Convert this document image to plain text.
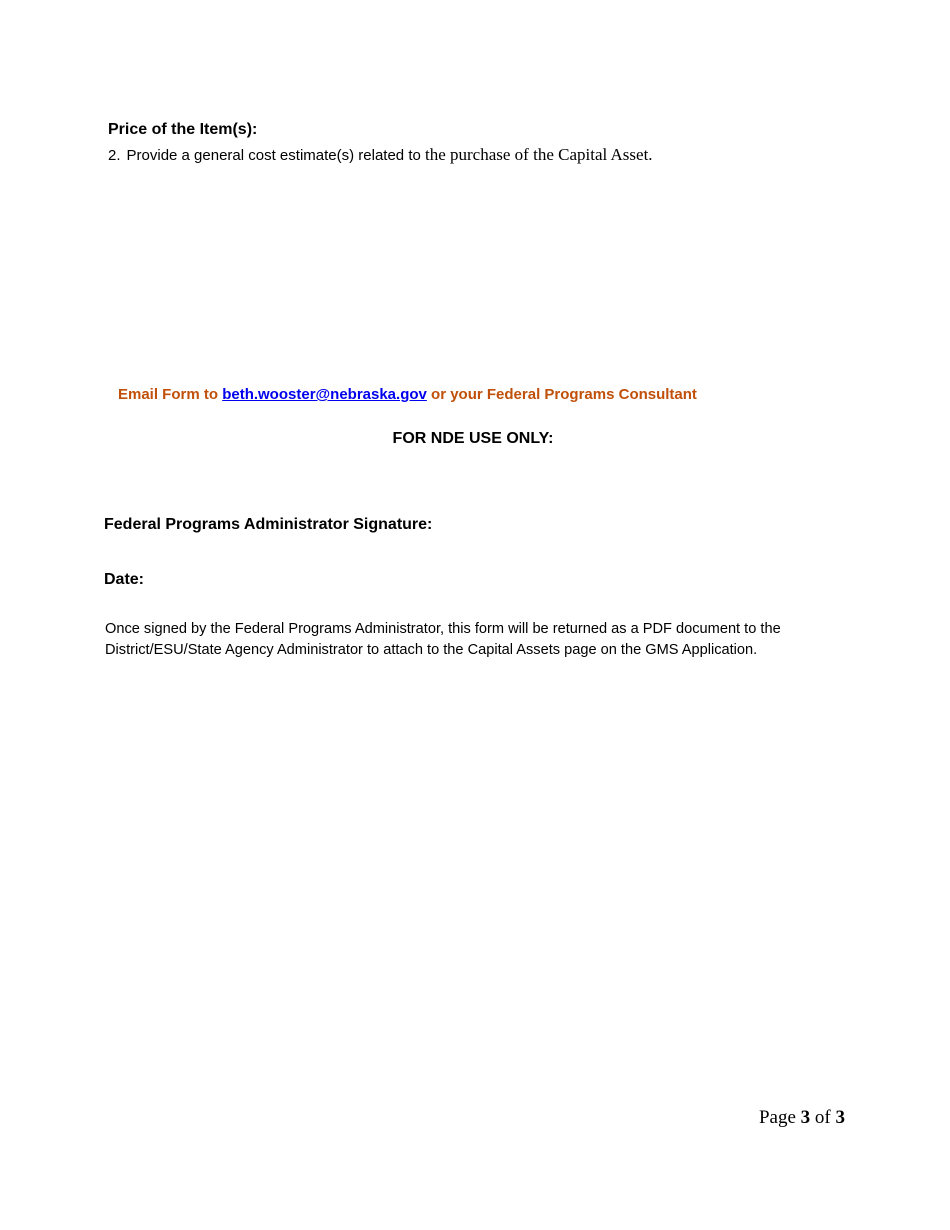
Price of the Item(s):
2. Provide a general cost estimate(s) related to the purchase of the Capital Asset.
Email Form to beth.wooster@nebraska.gov or your Federal Programs Consultant
FOR NDE USE ONLY:
Federal Programs Administrator Signature:
Date:
Once signed by the Federal Programs Administrator, this form will be returned as a PDF document to the District/ESU/State Agency Administrator to attach to the Capital Assets page on the GMS Application.
Page 3 of 3
